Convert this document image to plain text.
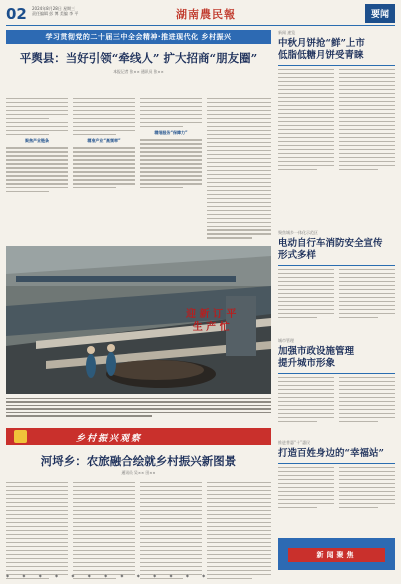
02 2024年8月28日 星期三
责任编辑 彭 博 美编 李 平	湖南農民報	要闻
学习贯彻党的二十届三中全会精神·推进现代化 乡村振兴
平舆县：当好引领“牵线人” 扩大招商“朋友圈”
本报记者 张×× 通讯员 张××
聚焦产业链条	精准产业“高频率”
精细服务“保障力”
迎 新 订 平
生 产 忙
乡村振兴观察
河埒乡：农旅融合绘就乡村振兴新图景
通讯员 吴×× 田××
新闻 速览
中秋月饼抢“鲜”上市
低脂低糖月饼受青睐
聚焦城乡一体化示范区
电动自行车消防安全宣传
形式多样
城市管理
加强市政设施管理
提升城市形象
推进普惠“十”惠民
打造百姓身边的“幸福站”
新闻聚焦
◆ ◆ ◆ ◆ ◆ ◆ ◆ ◆ ◆ ◆ ◆ ◆ ◆
